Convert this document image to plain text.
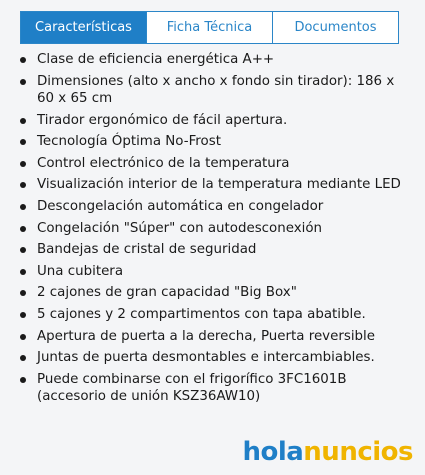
Características	Ficha Técnica	Documentos
Clase de eficiencia energética A++
Dimensiones (alto x ancho x fondo sin tirador): 186 x 60 x 65 cm
Tirador ergonómico de fácil apertura.
Tecnología Óptima No-Frost
Control electrónico de la temperatura
Visualización interior de la temperatura mediante LED
Descongelación automática en congelador
Congelación "Súper" con autodesconexión
Bandejas de cristal de seguridad
Una cubitera
2 cajones de gran capacidad "Big Box"
5 cajones y 2 compartimentos con tapa abatible.
Apertura de puerta a la derecha, Puerta reversible
Juntas de puerta desmontables e intercambiables.
Puede combinarse con el frigorífico 3FC1601B (accesorio de unión KSZ36AW10)
holanuncios
